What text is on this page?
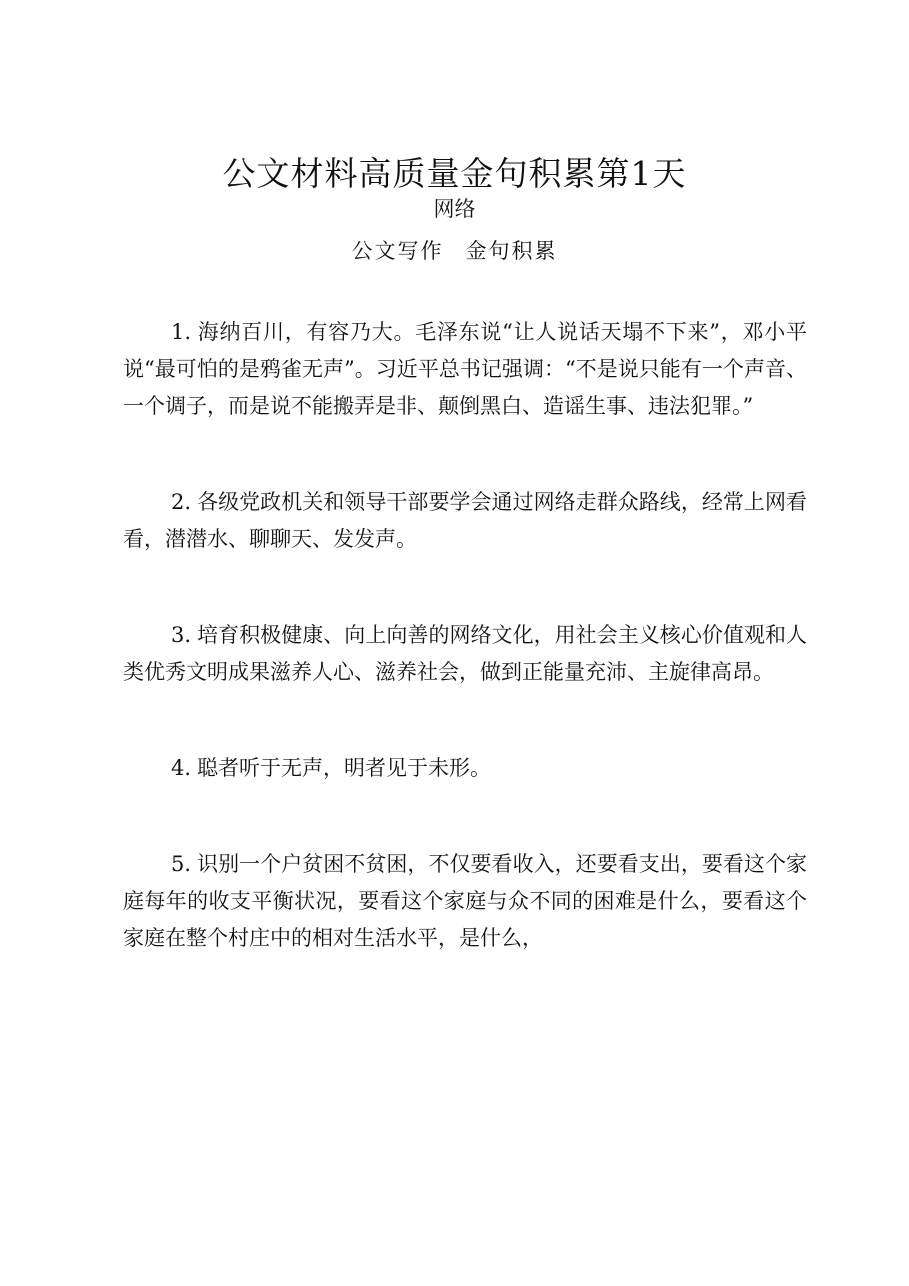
公文材料高质量金句积累第1天
网络
公文写作 金句积累

1. 海纳百川，有容乃大。毛泽东说“让人说话天塌不下来”，邓小平说“最可怕的是鸦雀无声”。习近平总书记强调：“不是说只能有一个声音、一个调子，而是说不能搬弄是非、颠倒黑白、造谣生事、违法犯罪。”

2. 各级党政机关和领导干部要学会通过网络走群众路线，经常上网看看，潜潜水、聊聊天、发发声。

3. 培育积极健康、向上向善的网络文化，用社会主义核心价值观和人类优秀文明成果滋养人心、滋养社会，做到正能量充沛、主旋律高昂。

4. 聪者听于无声，明者见于未形。

5. 识别一个户贫困不贫困，不仅要看收入，还要看支出，要看这个家庭每年的收支平衡状况，要看这个家庭与众不同的困难是什么，要看这个家庭在整个村庄中的相对生活水平，是什么，
